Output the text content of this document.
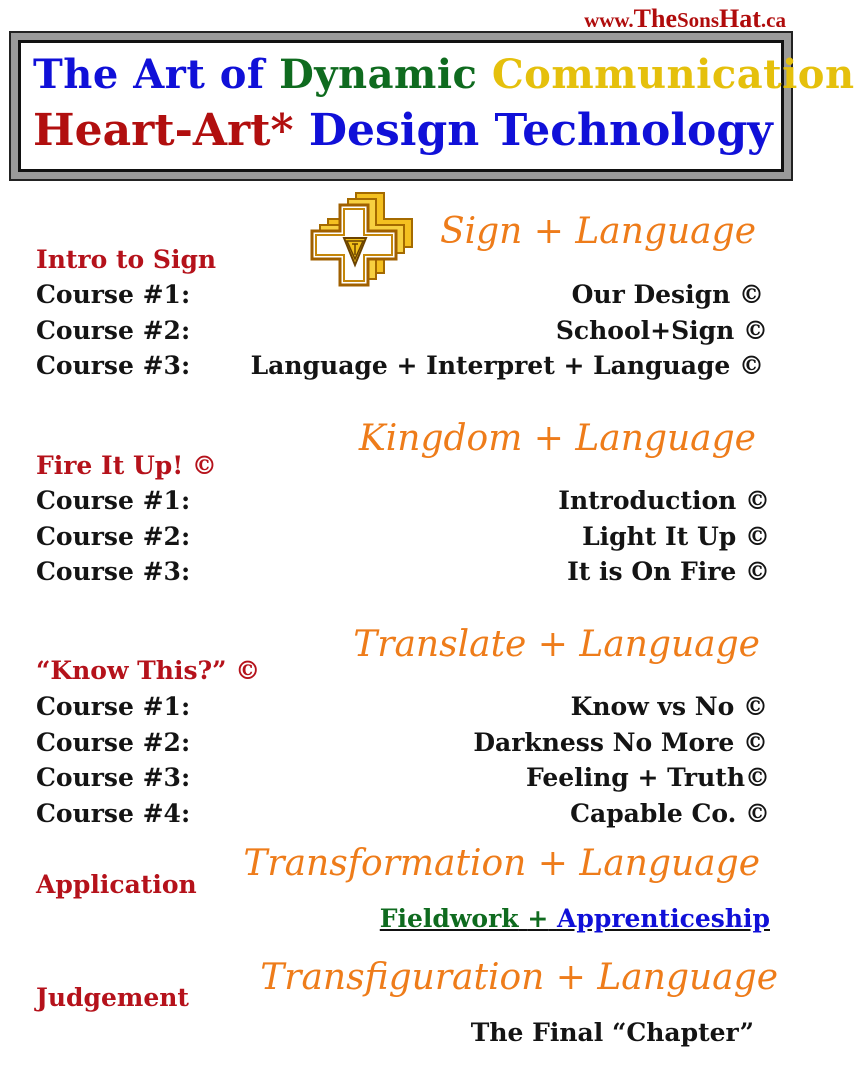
www.TheSonsHat.ca
The Art of Dynamic Communication
Heart-Art* Design Technology
Sign + Language
Intro to Sign
Course #1:	Our Design ©
Course #2:	School+Sign ©
Course #3: Language + Interpret + Language ©
Kingdom + Language
Fire It Up! ©
Course #1:	Introduction ©
Course #2:	Light It Up ©
Course #3:	It is On Fire ©
Translate + Language
“Know This?” ©
Course #1:	Know vs No ©
Course #2:	Darkness No More ©
Course #3:	Feeling + Truth©
Course #4:	Capable Co. ©
Transformation + Language
Application
Fieldwork + Apprenticeship
Transfiguration + Language
Judgement
The Final “Chapter”
